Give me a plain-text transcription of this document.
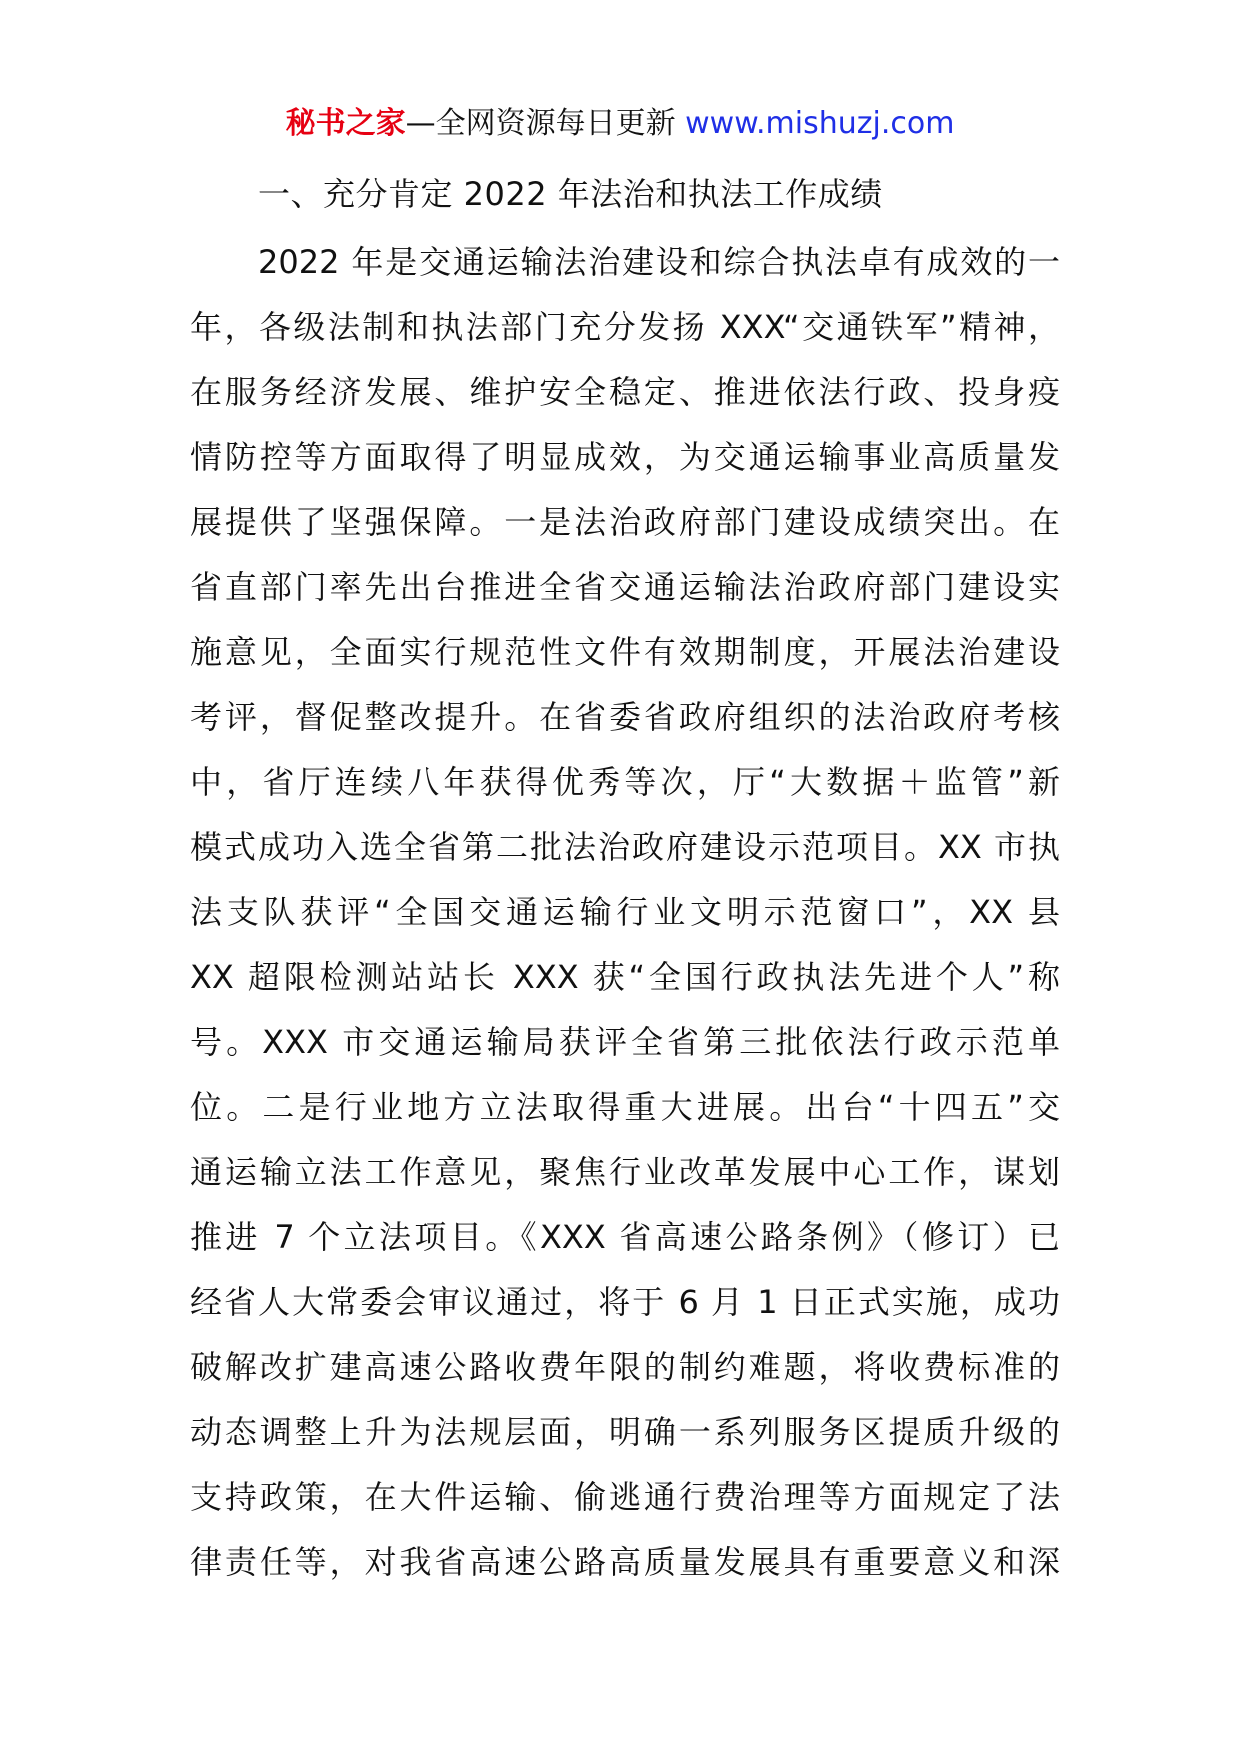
秘书之家—全网资源每日更新 www.mishuzj.com
一、充分肯定 2022 年法治和执法工作成绩
2022 年是交通运输法治建设和综合执法卓有成效的一
年，各级法制和执法部门充分发扬 XXX“交通铁军”精神，
在服务经济发展、维护安全稳定、推进依法行政、投身疫
情防控等方面取得了明显成效，为交通运输事业高质量发
展提供了坚强保障。一是法治政府部门建设成绩突出。在
省直部门率先出台推进全省交通运输法治政府部门建设实
施意见，全面实行规范性文件有效期制度，开展法治建设
考评，督促整改提升。在省委省政府组织的法治政府考核
中，省厅连续八年获得优秀等次，厅“大数据＋监管”新
模式成功入选全省第二批法治政府建设示范项目。XX 市执
法支队获评“全国交通运输行业文明示范窗口”，XX 县
XX 超限检测站站长 XXX 获“全国行政执法先进个人”称
号。XXX 市交通运输局获评全省第三批依法行政示范单
位。二是行业地方立法取得重大进展。出台“十四五”交
通运输立法工作意见，聚焦行业改革发展中心工作，谋划
推进 7 个立法项目。《XXX 省高速公路条例》（修订）已
经省人大常委会审议通过，将于 6 月 1 日正式实施，成功
破解改扩建高速公路收费年限的制约难题，将收费标准的
动态调整上升为法规层面，明确一系列服务区提质升级的
支持政策，在大件运输、偷逃通行费治理等方面规定了法
律责任等，对我省高速公路高质量发展具有重要意义和深
